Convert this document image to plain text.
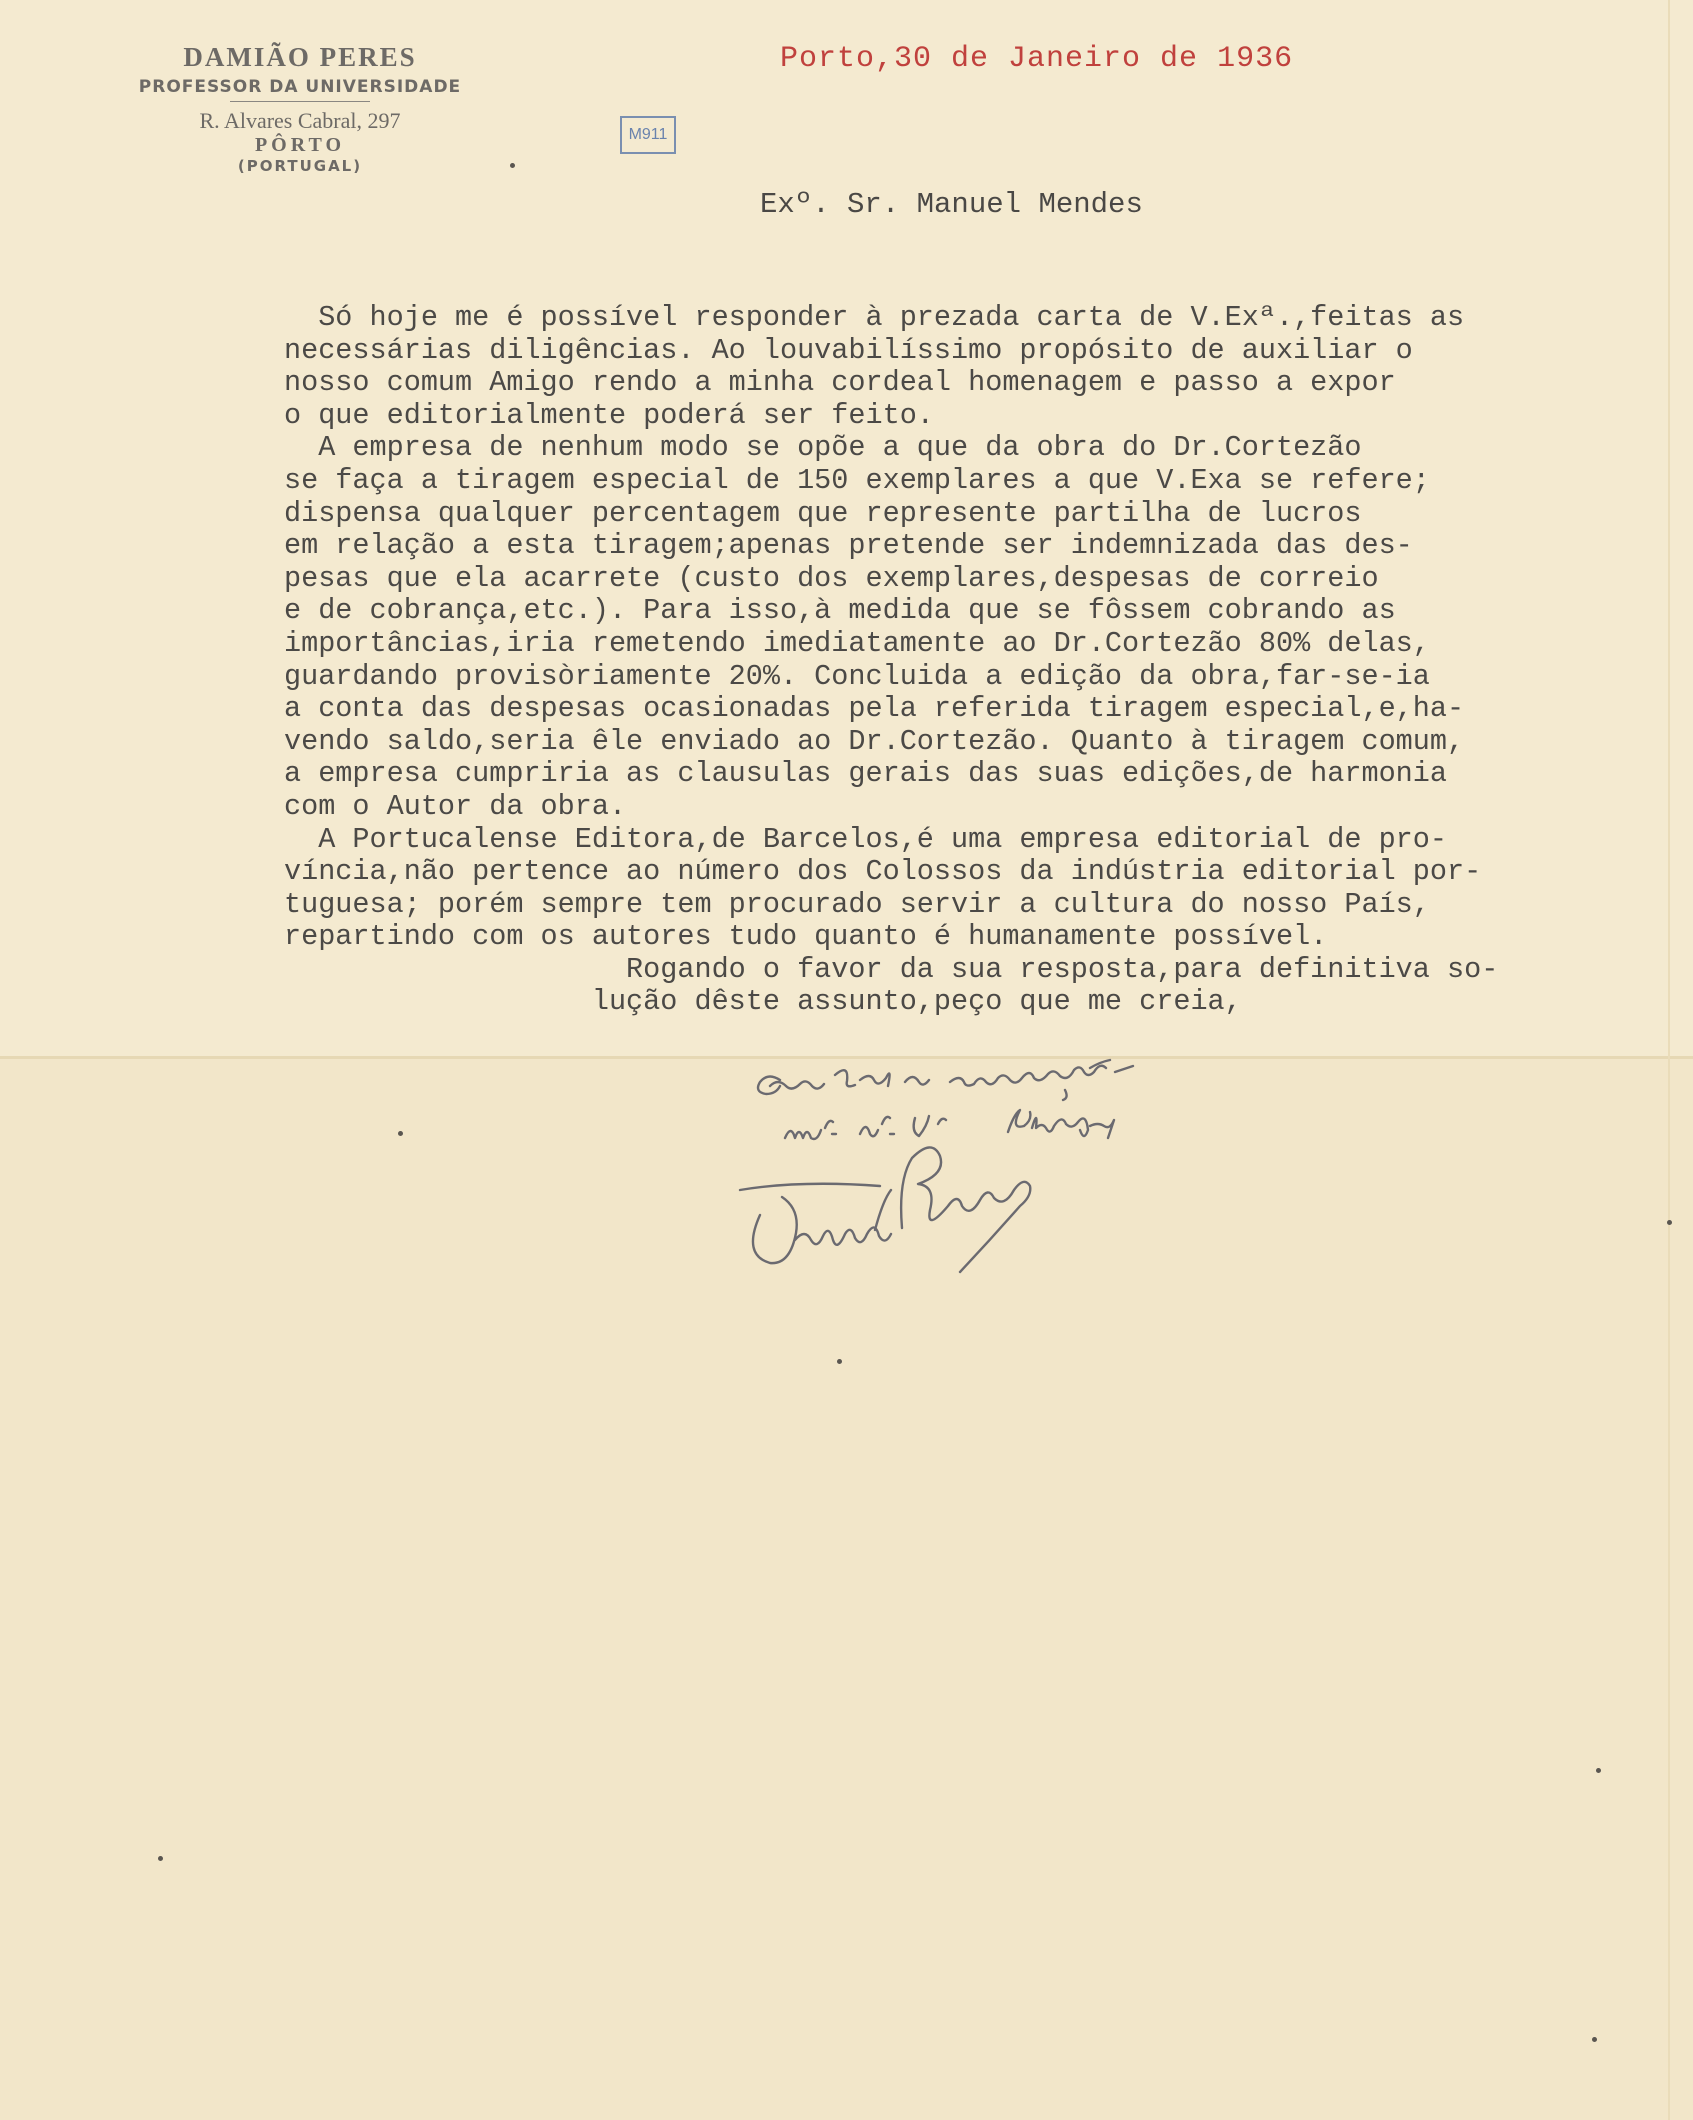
DAMIÃO PERES
PROFESSOR DA UNIVERSIDADE
R. Alvares Cabral, 297
PÔRTO
(PORTUGAL)
M911
Porto,30 de Janeiro de 1936
Exº. Sr. Manuel Mendes
Só hoje me é possível responder à prezada carta de V.Exª.,feitas as
necessárias diligências. Ao louvabilíssimo propósito de auxiliar o
nosso comum Amigo rendo a minha cordeal homenagem e passo a expor
o que editorialmente poderá ser feito.
A empresa de nenhum modo se opõe a que da obra do Dr.Cortezão
se faça a tiragem especial de 150 exemplares a que V.Exa se refere;
dispensa qualquer percentagem que represente partilha de lucros
em relação a esta tiragem;apenas pretende ser indemnizada das des-
pesas que ela acarrete (custo dos exemplares,despesas de correio
e de cobrança,etc.). Para isso,à medida que se fôssem cobrando as
importâncias,iria remetendo imediatamente ao Dr.Cortezão 80% delas,
guardando provisòriamente 20%. Concluida a edição da obra,far-se-ia
a conta das despesas ocasionadas pela referida tiragem especial,e,ha-
vendo saldo,seria êle enviado ao Dr.Cortezão. Quanto à tiragem comum,
a empresa cumpriria as clausulas gerais das suas edições,de harmonia
com o Autor da obra.
A Portucalense Editora,de Barcelos,é uma empresa editorial de pro-
víncia,não pertence ao número dos Colossos da indústria editorial por-
tuguesa; porém sempre tem procurado servir a cultura do nosso País,
repartindo com os autores tudo quanto é humanamente possível.
Rogando o favor da sua resposta,para definitiva so-
lução dêste assunto,peço que me creia,
